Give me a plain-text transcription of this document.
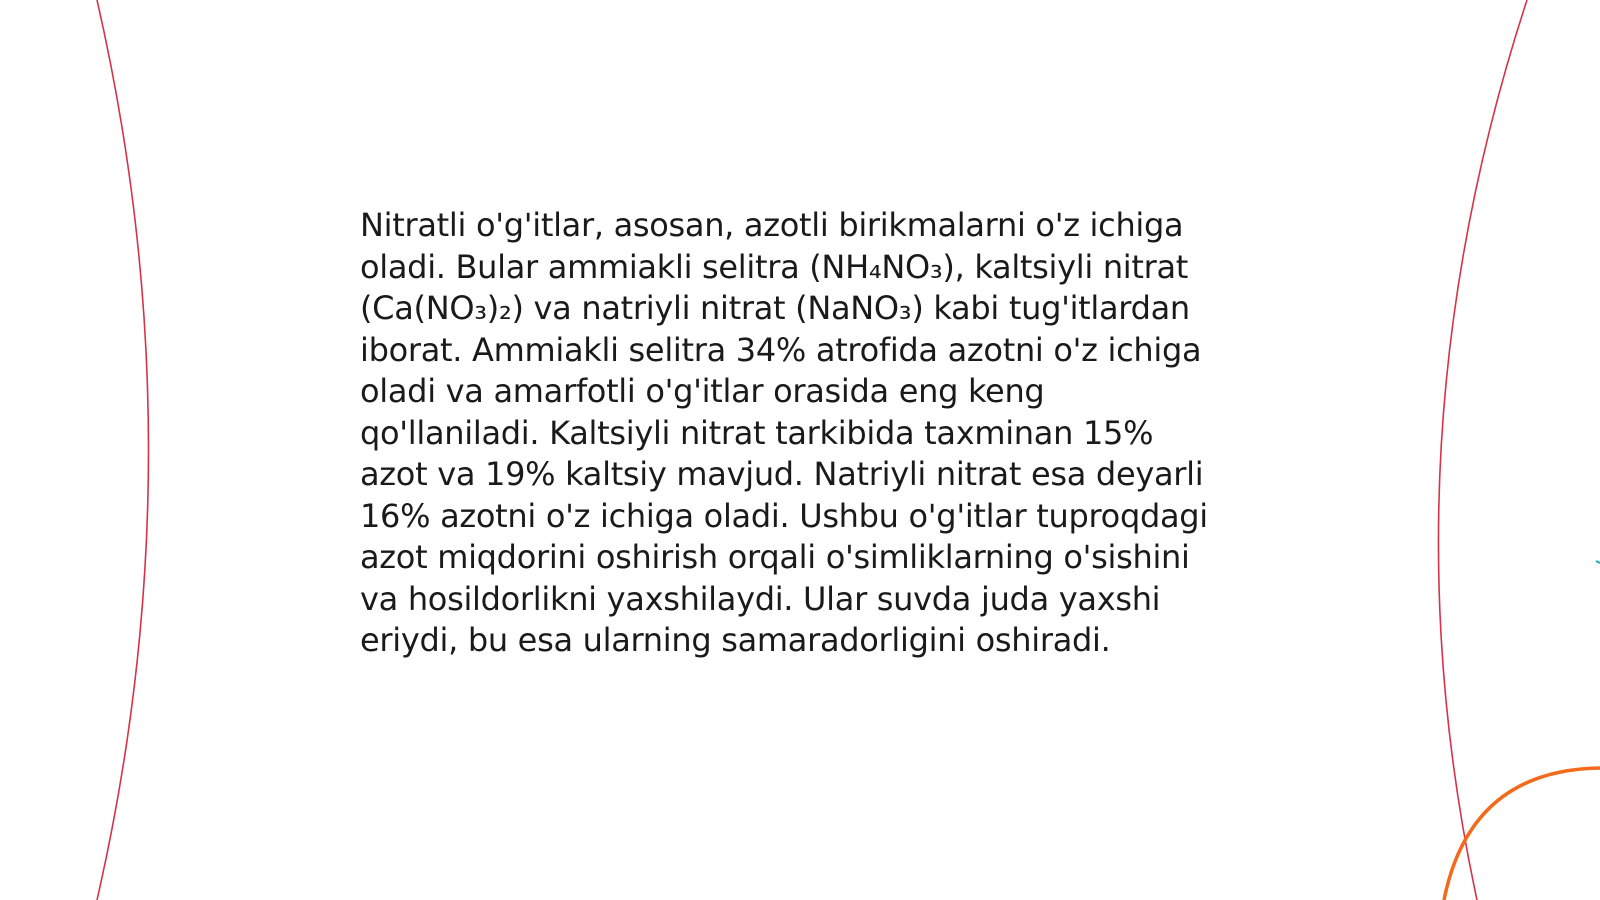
Nitratli o'g'itlar, asosan, azotli birikmalarni o'z ichiga
oladi. Bular ammiakli selitra (NH₄NO₃), kaltsiyli nitrat
(Ca(NO₃)₂) va natriyli nitrat (NaNO₃) kabi tug'itlardan
iborat. Ammiakli selitra 34% atrofida azotni o'z ichiga
oladi va amarfotli o'g'itlar orasida eng keng
qo'llaniladi. Kaltsiyli nitrat tarkibida taxminan 15%
azot va 19% kaltsiy mavjud. Natriyli nitrat esa deyarli
16% azotni o'z ichiga oladi. Ushbu o'g'itlar tuproqdagi
azot miqdorini oshirish orqali o'simliklarning o'sishini
va hosildorlikni yaxshilaydi. Ular suvda juda yaxshi
eriydi, bu esa ularning samaradorligini oshiradi.
